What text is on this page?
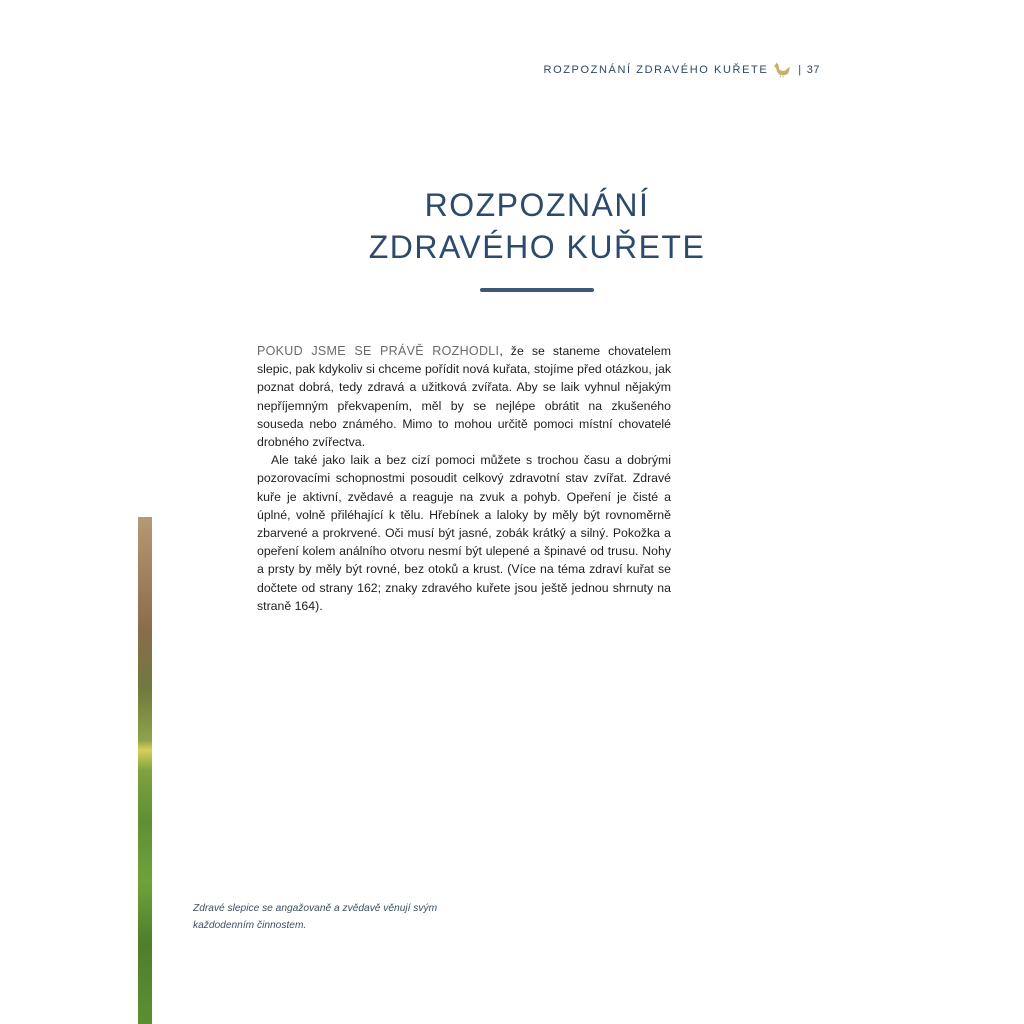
ROZPOZNÁNÍ ZDRAVÉHO KUŘETE	| 37
ROZPOZNÁNÍ
ZDRAVÉHO KUŘETE

POKUD JSME SE PRÁVĚ ROZHODLI, že se staneme chovatelem slepic, pak kdykoliv si chceme pořídit nová kuřata, stojíme před otázkou, jak poznat dobrá, tedy zdravá a užitková zvířata. Aby se laik vyhnul nějakým nepříjemným překvapením, měl by se nejlépe obrátit na zkušeného souseda nebo známého. Mimo to mohou určitě pomoci místní chovatelé drobného zvířectva.

Ale také jako laik a bez cizí pomoci můžete s trochou času a dobrými pozorovacími schopnostmi posoudit celkový zdravotní stav zvířat. Zdravé kuře je aktivní, zvědavé a reaguje na zvuk a pohyb. Opeření je čisté a úplné, volně přiléhající k tělu. Hřebínek a laloky by měly být rovnoměrně zbarvené a prokrvené. Oči musí být jasné, zobák krátký a silný. Pokožka a opeření kolem análního otvoru nesmí být ulepené a špinavé od trusu. Nohy a prsty by měly být rovné, bez otoků a krust. (Více na téma zdraví kuřat se dočtete od strany 162; znaky zdravého kuřete jsou ještě jednou shrnuty na straně 164).

Zdravé slepice se angažovaně a zvědavě věnují svým každodenním činnostem.
